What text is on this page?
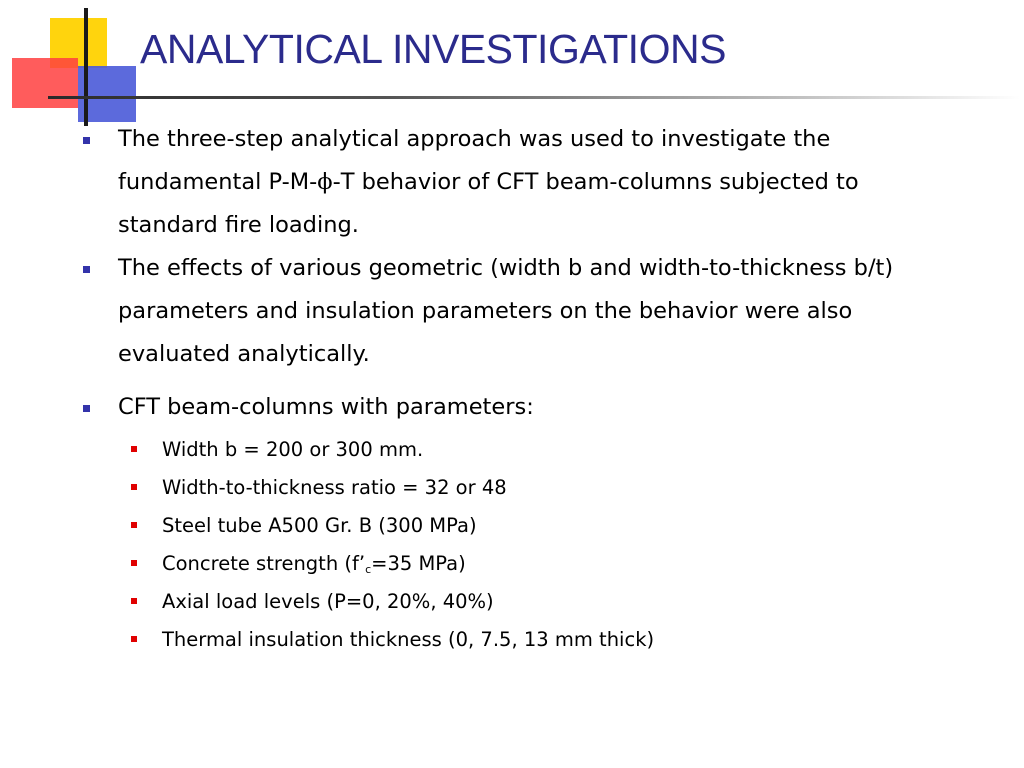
ANALYTICAL INVESTIGATIONS
The three-step analytical approach was used to investigate the
fundamental P-M-ϕ-T behavior of CFT beam-columns subjected to
standard fire loading.
The effects of various geometric (width b and width-to-thickness b/t)
parameters and insulation parameters on the behavior were also
evaluated analytically.
CFT beam-columns with parameters:
Width b = 200 or 300 mm.
Width-to-thickness ratio = 32 or 48
Steel tube A500 Gr. B (300 MPa)
Concrete strength ($f’_c=35$ MPa)
Axial load levels (P=0, 20%, 40%)
Thermal insulation thickness (0, 7.5, 13 mm thick)
